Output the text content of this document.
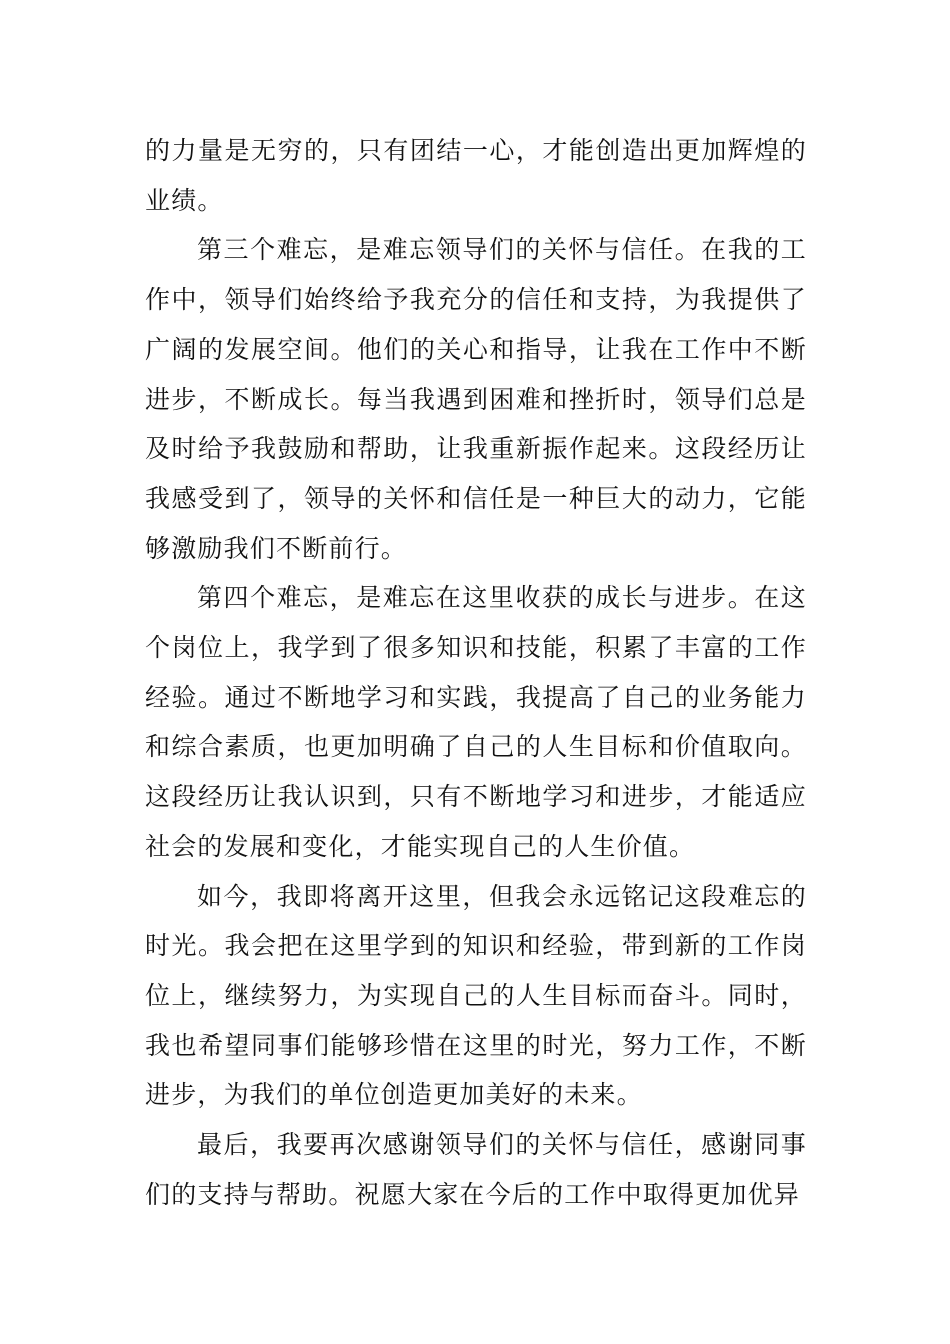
的力量是无穷的，只有团结一心，才能创造出更加辉煌的业绩。

第三个难忘，是难忘领导们的关怀与信任。在我的工作中，领导们始终给予我充分的信任和支持，为我提供了广阔的发展空间。他们的关心和指导，让我在工作中不断进步，不断成长。每当我遇到困难和挫折时，领导们总是及时给予我鼓励和帮助，让我重新振作起来。这段经历让我感受到了，领导的关怀和信任是一种巨大的动力，它能够激励我们不断前行。

第四个难忘，是难忘在这里收获的成长与进步。在这个岗位上，我学到了很多知识和技能，积累了丰富的工作经验。通过不断地学习和实践，我提高了自己的业务能力和综合素质，也更加明确了自己的人生目标和价值取向。这段经历让我认识到，只有不断地学习和进步，才能适应社会的发展和变化，才能实现自己的人生价值。

如今，我即将离开这里，但我会永远铭记这段难忘的时光。我会把在这里学到的知识和经验，带到新的工作岗位上，继续努力，为实现自己的人生目标而奋斗。同时，我也希望同事们能够珍惜在这里的时光，努力工作，不断进步，为我们的单位创造更加美好的未来。

最后，我要再次感谢领导们的关怀与信任，感谢同事们的支持与帮助。祝愿大家在今后的工作中取得更加优异
